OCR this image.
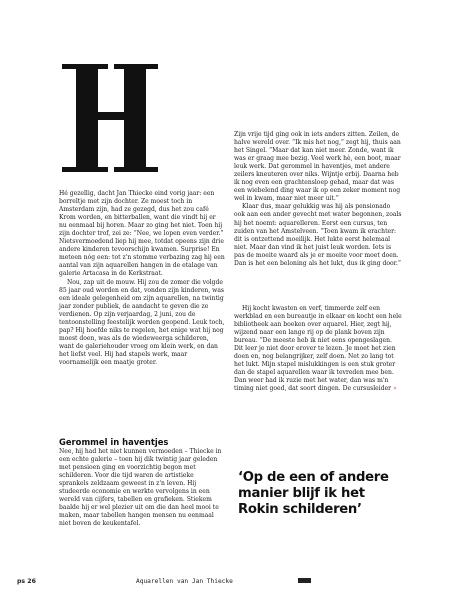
Hé gezellig, dacht Jan Thiecke eind vorig jaar: een borreltje met zijn dochter. Ze moest toch in Amsterdam zijn, had ze gezegd, dus het zou café Krom worden, en bitterballen, want die vindt hij er nu eenmaal bij horen. Maar zo ging het niet. Toen hij zijn dochter trof, zei ze: “Nee, we lopen even verder.” Nietsvermoedend liep hij mee, totdat opeens zijn drie andere kinderen tevoorschijn kwamen. Surprise! En meteen nóg een: tot z'n stomme verbazing zag hij een aantal van zijn aquarellen hangen in de etalage van galerie Artacasa in de Kerkstraat.

Nou, zap uit de mouw. Hij zou de zomer die volgde 85 jaar oud worden en dat, vonden zijn kinderen, was een ideale gelegenheid om zijn aquarellen, na twintig jaar zonder publiek, de aandacht te geven die ze verdienen. Op zijn verjaardag, 2 juni, zou de tentoonstelling feestelijk worden geopend. Leuk toch, pap? Hij hoefde niks te regelen, het enige wat hij nog moest doen, was als de wiedeweerga schilderen, want de galeriehouder vroeg om klein werk, en dan het liefst veel. Hij had stapels werk, maar voornamelijk een maatje groter.

Gerommel in haventjes

Nee, hij had het niet kunnen vermoeden – Thiecke in een echte galerie – toen hij dik twintig jaar geleden met pensioen ging en voorzichtig begon met schilderen. Voor die tijd waren de artistieke sprankels zeldzaam geweest in z'n leven. Hij studeerde economie en werkte vervolgens in een wereld van cijfers, tabellen en grafieken. Stiekem baalde hij er wel plezier uit om die dan heel mooi te maken, maar tabellen hangen mensen nu eenmaal niet boven de keukentafel.

Zijn vrije tijd ging ook in iets anders zitten. Zeilen, de halve wereld over. “Ik mis het nog,” zegt hij, thuis aan het Singel. “Maar dat kan niet meer. Zonde, want ik was er graag mee bezig. Veel werk hè, een boot, maar leuk werk. Dat gerommel in haventjes, met andere zeilers kneuteren over niks. Wijntje erbij. Daarna heb ik nog even een grachtensloep gehad, maar dat was een wiebelend ding waar ik op een zeker moment nog wel in kwam, maar niet meer uit.”

Klaar dus, maar gelukkig was hij als pensionado ook aan een ander gevecht met water begonnen, zoals hij het noemt: aquarelleren. Eerst een cursus, ten zuiden van het Amstelveen. “Toen kwam ik erachter: dit is ontzettend moeilijk. Het lukte eerst helemaal niet. Maar dan vind ik het juist leuk worden. Iets is pas de moeite waard als je er moeite voor moet doen. Dan is het een beloning als het lukt, dus ik ging door.”

Hij kocht kwasten en verf, timmerde zelf een werkblad en een bureautje in elkaar en kocht een hele bibliotheek aan boeken over aquarel. Hier, zegt hij, wijzend naar een lange rij op de plank boven zijn bureau. “De meeste heb ik niet eens opengeslagen. Dit leer je niet door erover te lezen. Je moet het zien doen en, nog belangrijker, zelf doen. Net zo lang tot het lukt. Mijn stapel mislukkingen is een stuk groter dan de stapel aquarellen waar ik tevreden mee ben. Dan weer had ik ruzie met het water, dan was m'n timing niet goed, dat soort dingen. De cursusleider »

‘Op de een of andere manier blijf ik het Rokin schilderen’
ps 26	Aquarellen van Jan Thiecke
